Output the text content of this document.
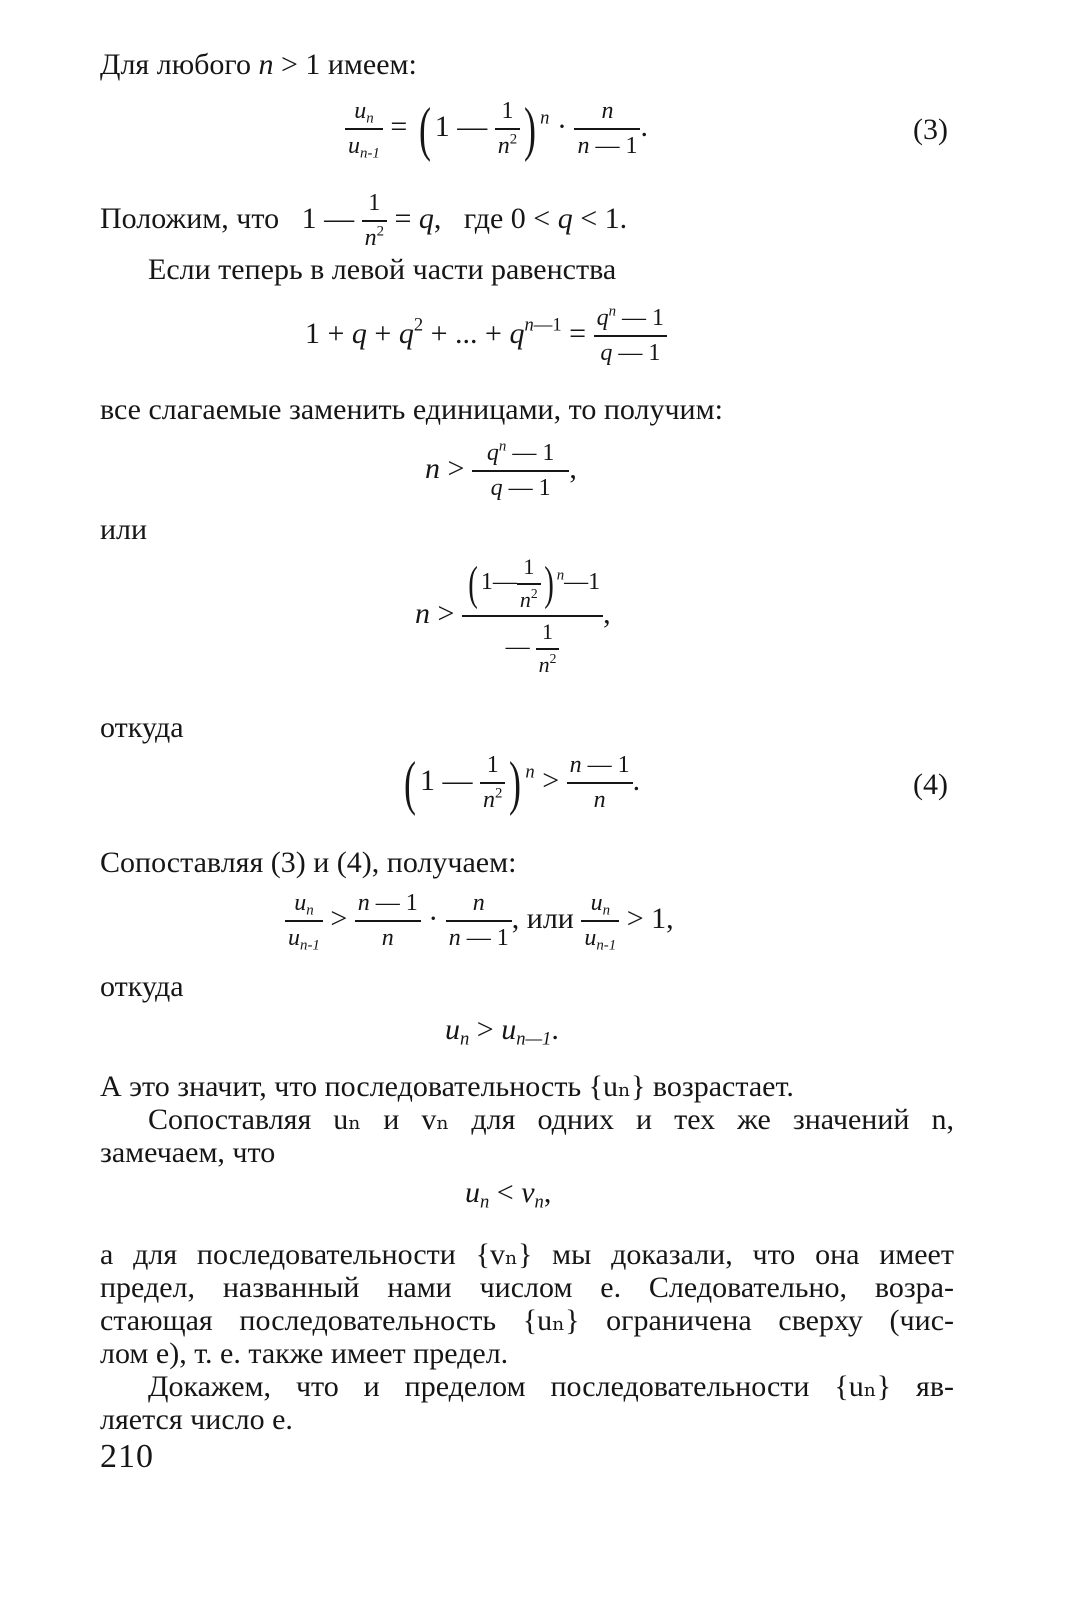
Для любого n > 1 имеем:
$\frac{u_n}{u_{n-1}}$ = ( 1 — $\frac{1}{n^2}$ ) $^n \cdot \frac{n}{n — 1}$ .	(3)
Положим, что   1 — $\frac{1}{n^2} = q$,   где 0 < q < 1.
Если теперь в левой части равенства
$1 + q + q^2$ + ... + $q^{n—1} = \frac{q^n — 1}{q — 1}$
все слагаемые заменить единицами, то получим:
$n > \frac{q^n — 1}{q — 1}$ ,
или
$n > \frac{( 1— \frac{1}{n^2} ) ^n—1}{— \frac{1}{n^2}}$ ,
откуда
( 1 — $\frac{1}{n^2}$ ) $^n > \frac{n — 1}{n}$ .	(4)
Сопоставляя (3) и (4), получаем:
$\frac{u_n}{u_{n-1}} > \frac{n — 1}{n} \cdot \frac{n}{n — 1}$ , или $\frac{u_n}{u_{n-1}} > 1$,
откуда
$u_n > u_{n—1}$.
А это значит, что последовательность {uₙ} возрастает.
Сопоставляя uₙ и vₙ для одних и тех же значений n,
замечаем, что
$u_n < v_n$,
а для последовательности {vₙ} мы доказали, что она имеет
предел, названный нами числом e. Следовательно, возра-
стающая последовательность {uₙ} ограничена сверху (чис-
лом e), т. е. также имеет предел.
Докажем, что и пределом последовательности {uₙ} яв-
ляется число e.
210
